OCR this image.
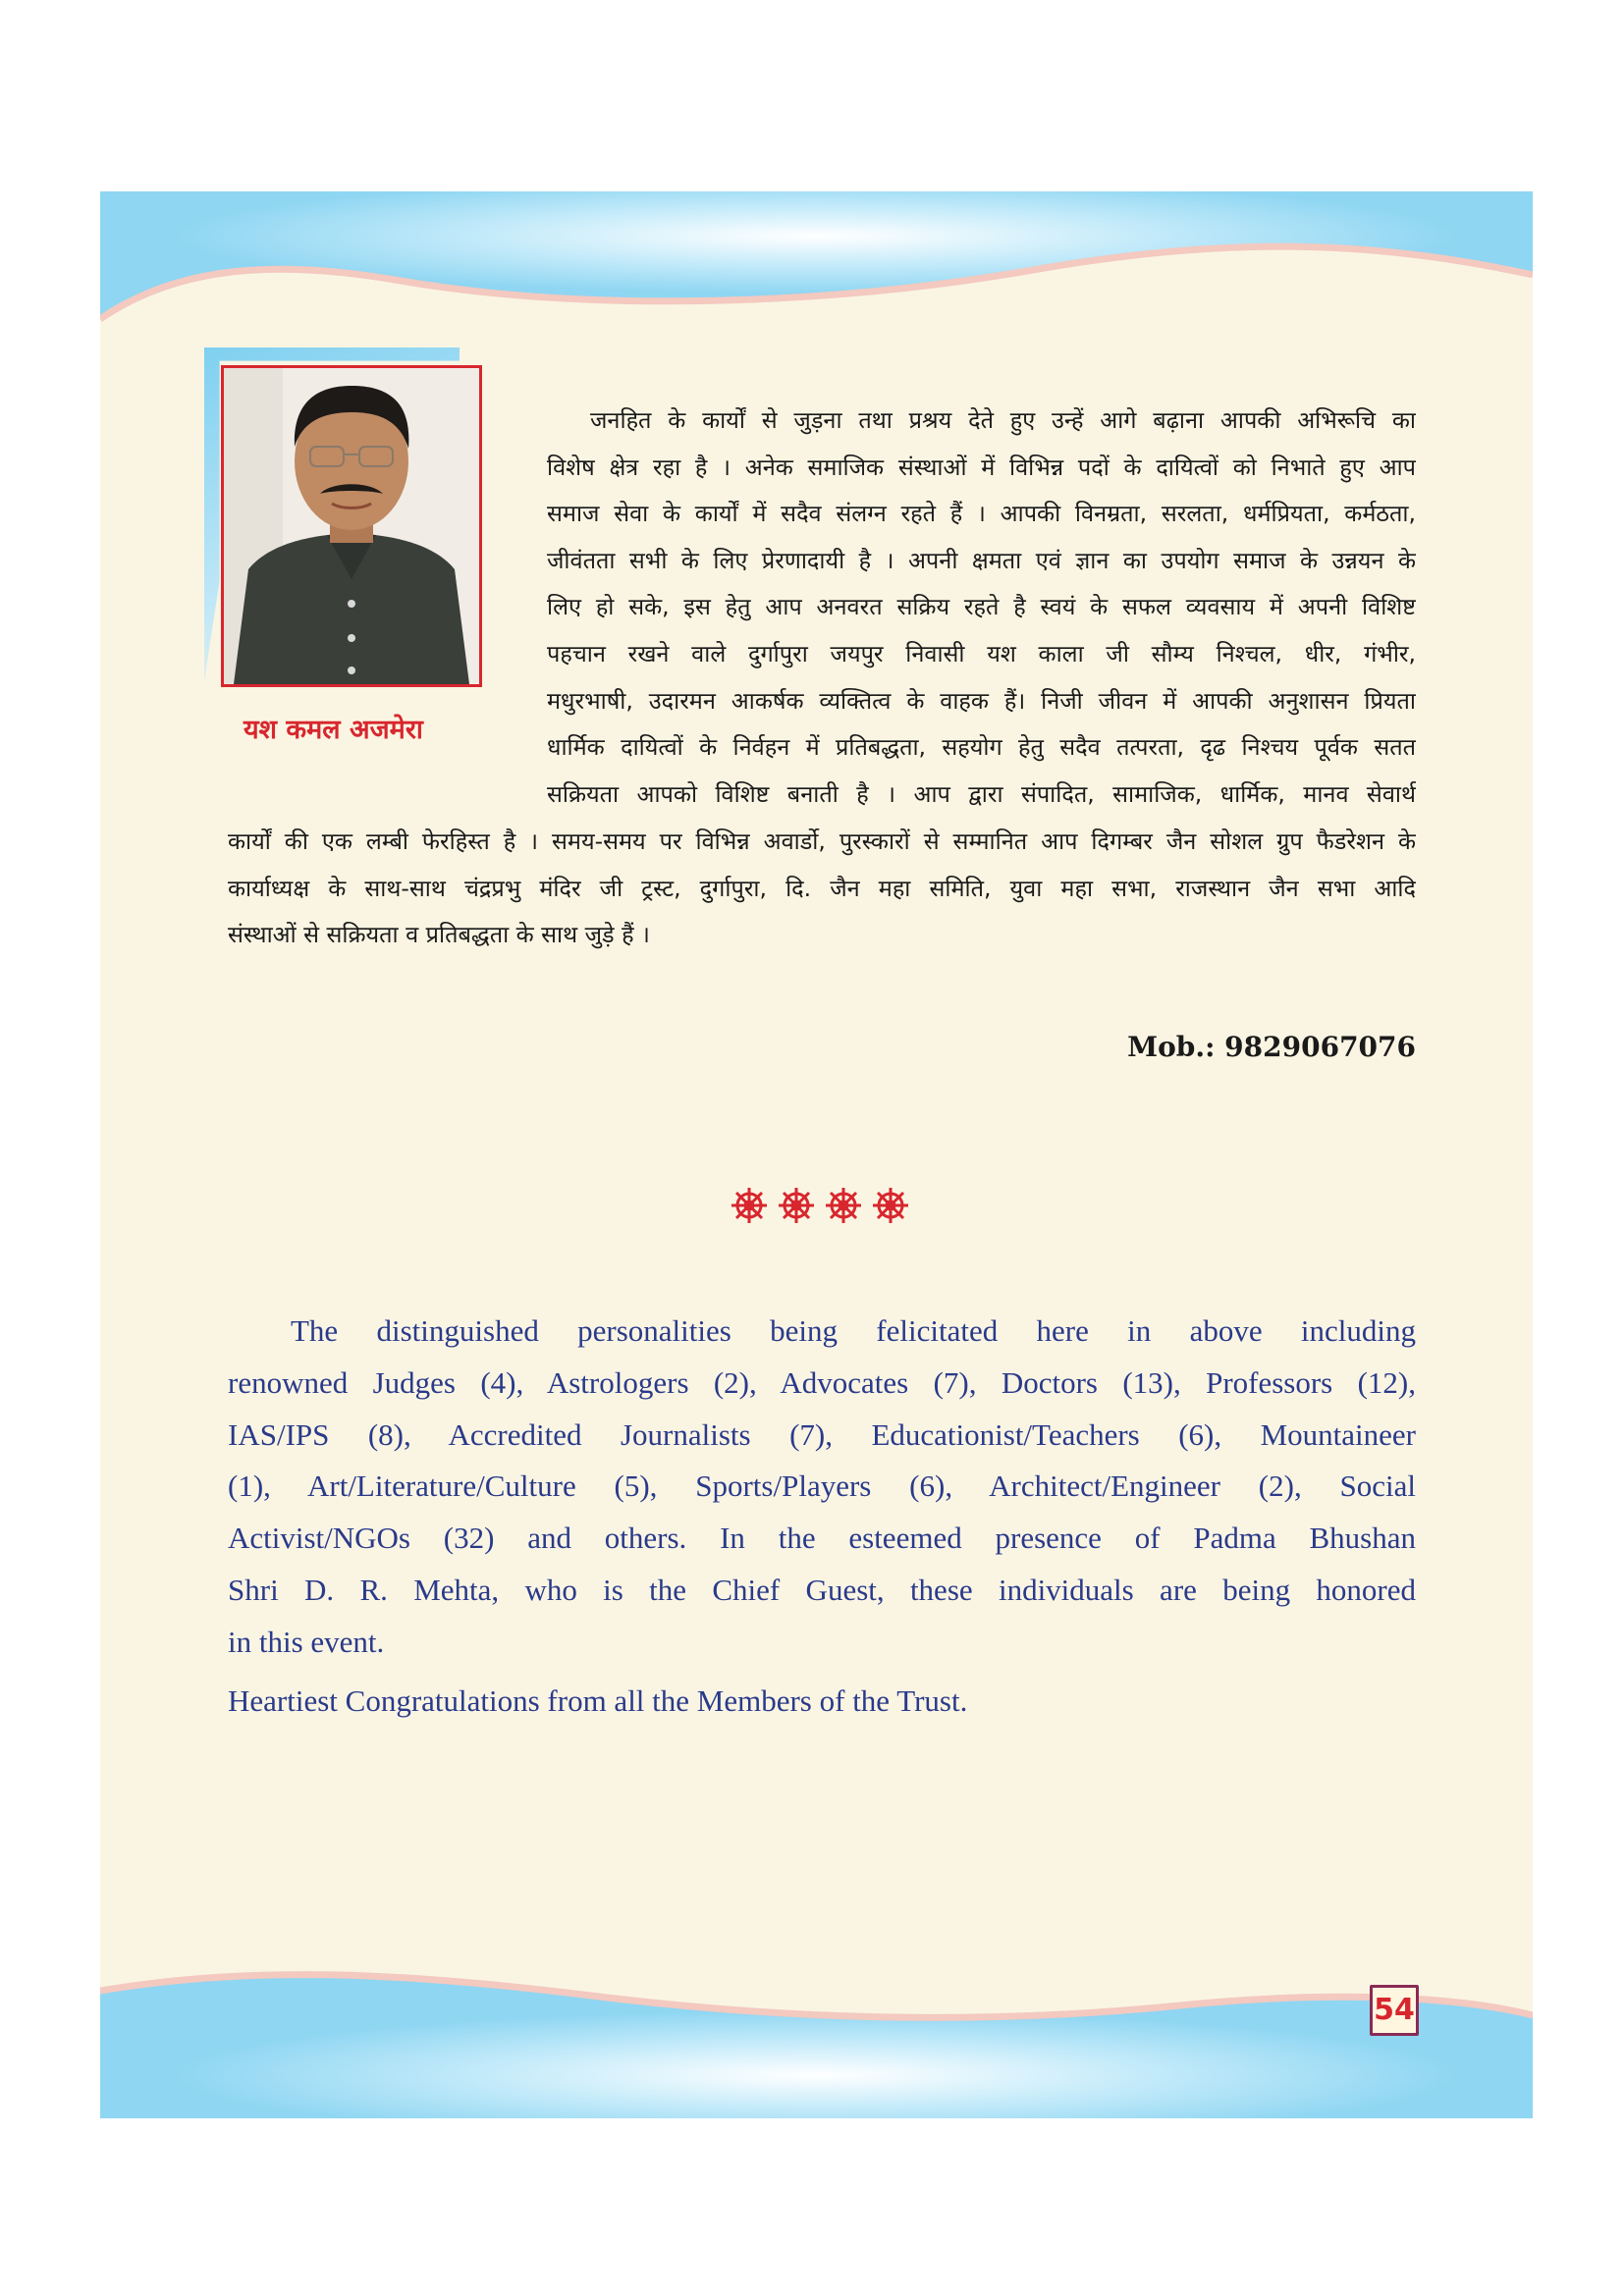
यश कमल अजमेरा
जनहित के कार्यों से जुड़ना तथा प्रश्रय देते हुए उन्हें आगे बढ़ाना आपकी अभिरूचि का
विशेष क्षेत्र रहा है । अनेक समाजिक संस्थाओं में विभिन्न पदों के दायित्वों को निभाते हुए आप
समाज सेवा के कार्यों में सदैव संलग्न रहते हैं । आपकी विनम्रता, सरलता, धर्मप्रियता, कर्मठता,
जीवंतता सभी के लिए प्रेरणादायी है । अपनी क्षमता एवं ज्ञान का उपयोग समाज के उन्नयन के
लिए हो सके, इस हेतु आप अनवरत सक्रिय रहते है स्वयं के सफल व्यवसाय में अपनी विशिष्ट
पहचान रखने वाले दुर्गापुरा जयपुर निवासी यश काला जी सौम्य निश्चल, धीर, गंभीर,
मधुरभाषी, उदारमन आकर्षक व्यक्तित्व के वाहक हैं। निजी जीवन में आपकी अनुशासन प्रियता
धार्मिक दायित्वों के निर्वहन में प्रतिबद्धता, सहयोग हेतु सदैव तत्परता, दृढ निश्चय पूर्वक सतत
सक्रियता आपको विशिष्ट बनाती है । आप द्वारा संपादित, सामाजिक, धार्मिक, मानव सेवार्थ
कार्यों की एक लम्बी फेरहिस्त है । समय-समय पर विभिन्न अवार्डो, पुरस्कारों से सम्मानित आप दिगम्बर जैन सोशल ग्रुप फैडरेशन के
कार्याध्यक्ष के साथ-साथ चंद्रप्रभु मंदिर जी ट्रस्ट, दुर्गापुरा, दि. जैन महा समिति, युवा महा सभा, राजस्थान जैन सभा आदि
संस्थाओं से सक्रियता व प्रतिबद्धता के साथ जुड़े हैं ।
Mob.: 9829067076
The distinguished personalities being felicitated here in above including
renowned Judges (4), Astrologers (2), Advocates (7), Doctors (13), Professors (12),
IAS/IPS (8), Accredited Journalists (7), Educationist/Teachers (6), Mountaineer
(1), Art/Literature/Culture (5), Sports/Players (6), Architect/Engineer (2), Social
Activist/NGOs (32) and others. In the esteemed presence of Padma Bhushan
Shri D. R. Mehta, who is the Chief Guest, these individuals are being honored
in this event.
Heartiest Congratulations from all the Members of the Trust.
54
